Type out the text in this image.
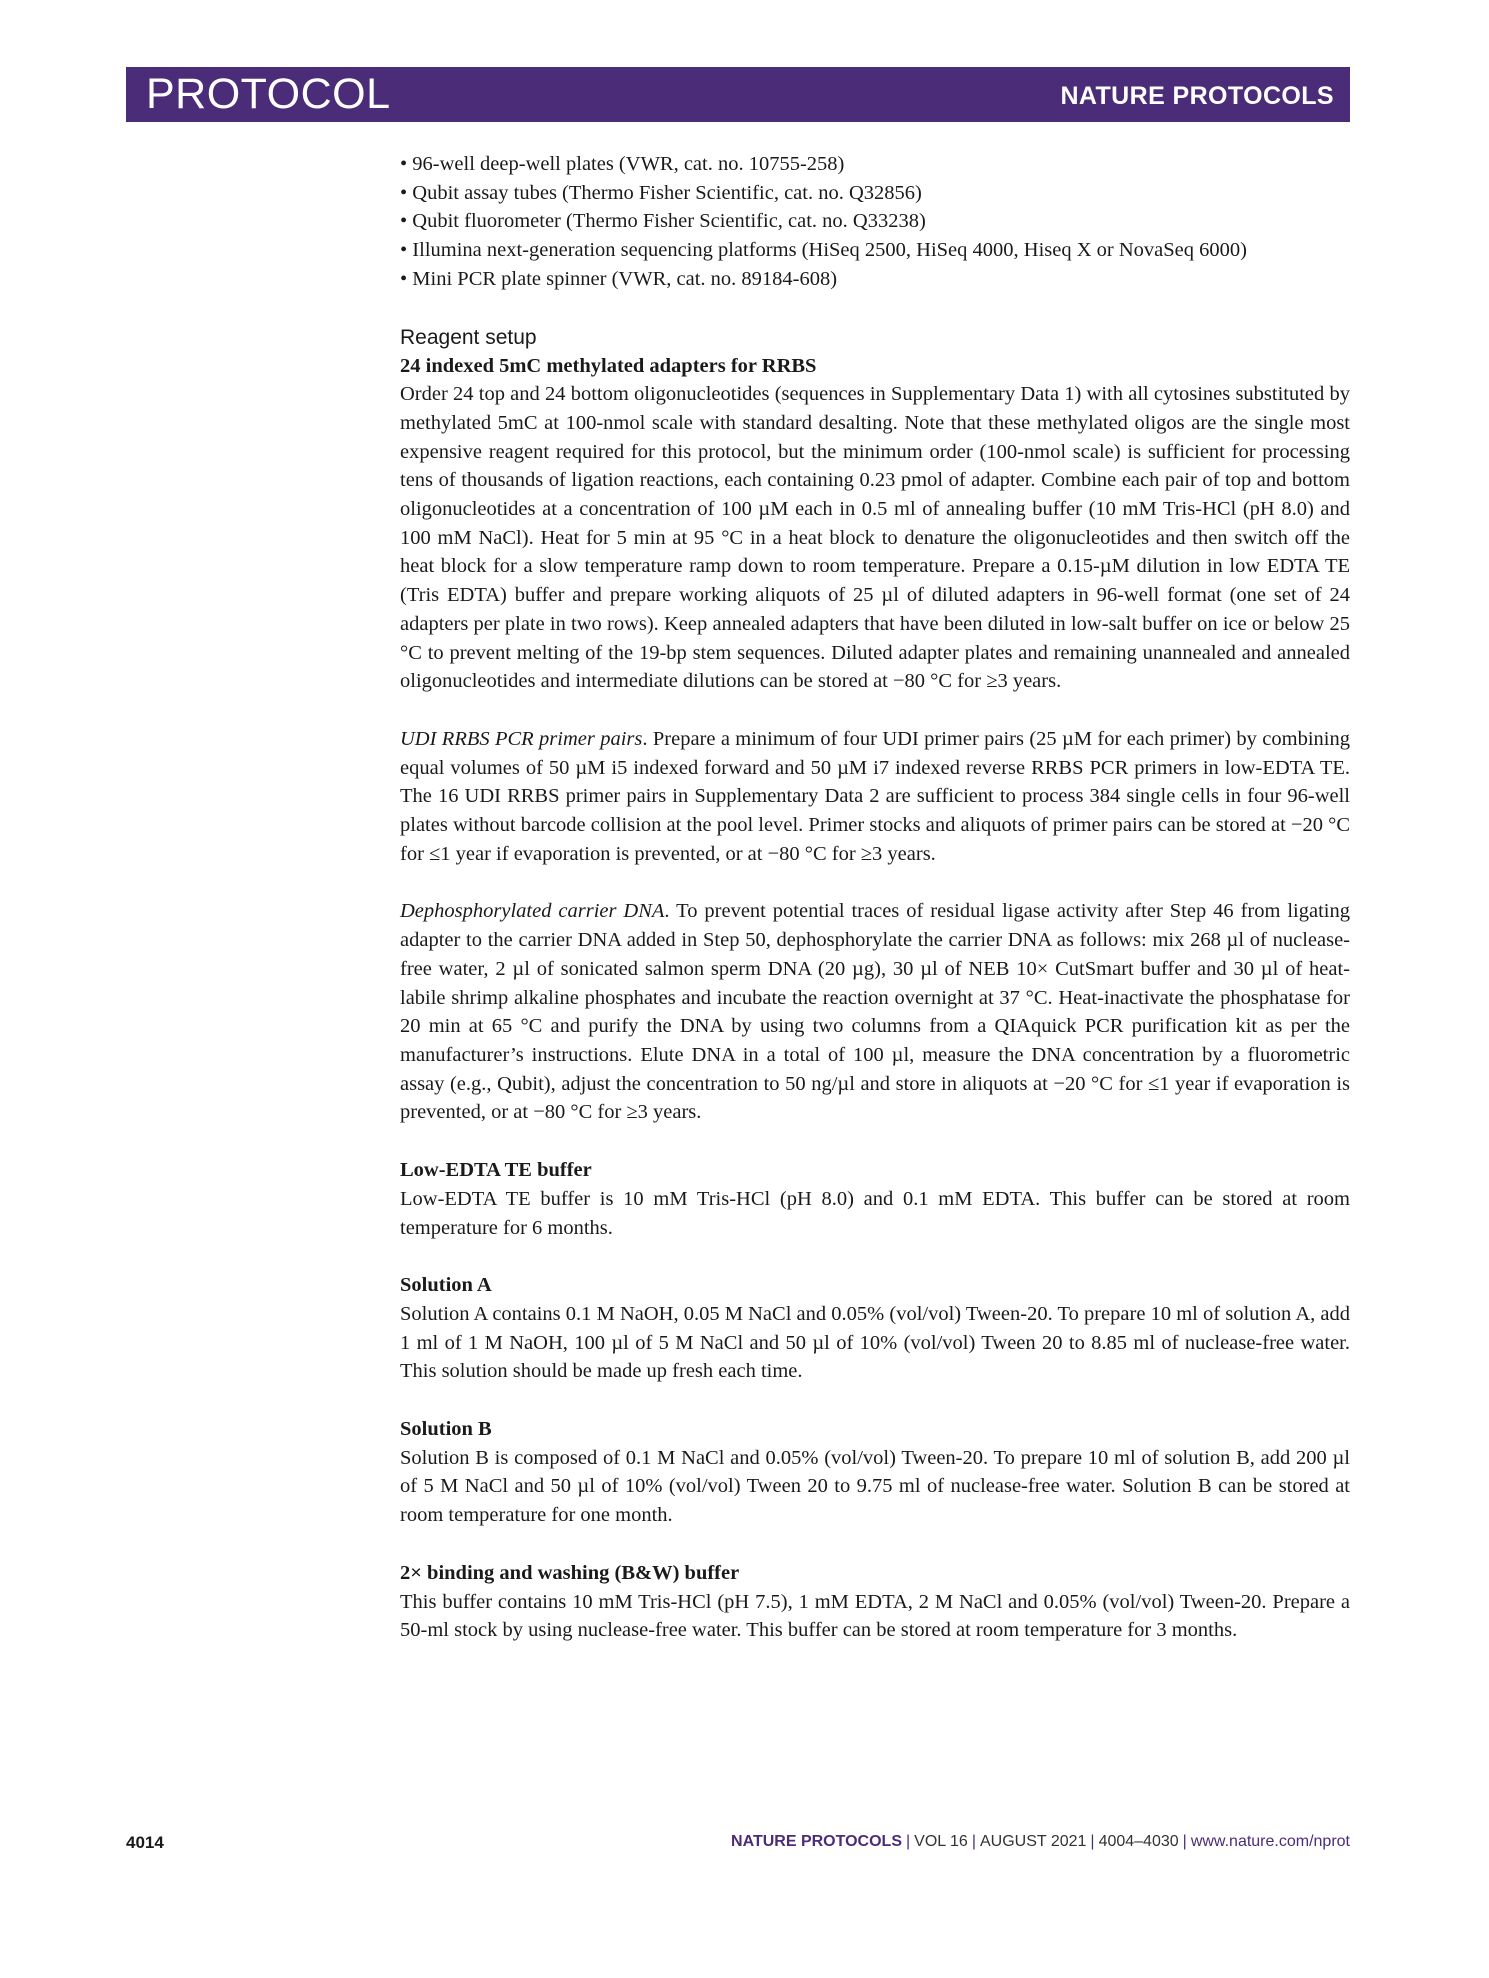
PROTOCOL	NATURE PROTOCOLS
• 96-well deep-well plates (VWR, cat. no. 10755-258)
• Qubit assay tubes (Thermo Fisher Scientific, cat. no. Q32856)
• Qubit fluorometer (Thermo Fisher Scientific, cat. no. Q33238)
• Illumina next-generation sequencing platforms (HiSeq 2500, HiSeq 4000, Hiseq X or NovaSeq 6000)
• Mini PCR plate spinner (VWR, cat. no. 89184-608)
Reagent setup
24 indexed 5mC methylated adapters for RRBS

Order 24 top and 24 bottom oligonucleotides (sequences in Supplementary Data 1) with all cytosines substituted by methylated 5mC at 100-nmol scale with standard desalting. Note that these methylated oligos are the single most expensive reagent required for this protocol, but the minimum order (100-nmol scale) is sufficient for processing tens of thousands of ligation reactions, each containing 0.23 pmol of adapter. Combine each pair of top and bottom oligonucleotides at a concentration of 100 µM each in 0.5 ml of annealing buffer (10 mM Tris-HCl (pH 8.0) and 100 mM NaCl). Heat for 5 min at 95 °C in a heat block to denature the oligonucleotides and then switch off the heat block for a slow temperature ramp down to room temperature. Prepare a 0.15-µM dilution in low EDTA TE (Tris EDTA) buffer and prepare working aliquots of 25 µl of diluted adapters in 96-well format (one set of 24 adapters per plate in two rows). Keep annealed adapters that have been diluted in low-salt buffer on ice or below 25 °C to prevent melting of the 19-bp stem sequences. Diluted adapter plates and remaining unannealed and annealed oligonucleotides and intermediate dilutions can be stored at −80 °C for ≥3 years.

UDI RRBS PCR primer pairs. Prepare a minimum of four UDI primer pairs (25 µM for each primer) by combining equal volumes of 50 µM i5 indexed forward and 50 µM i7 indexed reverse RRBS PCR primers in low-EDTA TE. The 16 UDI RRBS primer pairs in Supplementary Data 2 are sufficient to process 384 single cells in four 96-well plates without barcode collision at the pool level. Primer stocks and aliquots of primer pairs can be stored at −20 °C for ≤1 year if evaporation is prevented, or at −80 °C for ≥3 years.

Dephosphorylated carrier DNA. To prevent potential traces of residual ligase activity after Step 46 from ligating adapter to the carrier DNA added in Step 50, dephosphorylate the carrier DNA as follows: mix 268 µl of nuclease-free water, 2 µl of sonicated salmon sperm DNA (20 µg), 30 µl of NEB 10× CutSmart buffer and 30 µl of heat-labile shrimp alkaline phosphates and incubate the reaction overnight at 37 °C. Heat-inactivate the phosphatase for 20 min at 65 °C and purify the DNA by using two columns from a QIAquick PCR purification kit as per the manufacturer’s instructions. Elute DNA in a total of 100 µl, measure the DNA concentration by a fluorometric assay (e.g., Qubit), adjust the concentration to 50 ng/µl and store in aliquots at −20 °C for ≤1 year if evaporation is prevented, or at −80 °C for ≥3 years.

Low-EDTA TE buffer

Low-EDTA TE buffer is 10 mM Tris-HCl (pH 8.0) and 0.1 mM EDTA. This buffer can be stored at room temperature for 6 months.

Solution A

Solution A contains 0.1 M NaOH, 0.05 M NaCl and 0.05% (vol/vol) Tween-20. To prepare 10 ml of solution A, add 1 ml of 1 M NaOH, 100 µl of 5 M NaCl and 50 µl of 10% (vol/vol) Tween 20 to 8.85 ml of nuclease-free water. This solution should be made up fresh each time.

Solution B

Solution B is composed of 0.1 M NaCl and 0.05% (vol/vol) Tween-20. To prepare 10 ml of solution B, add 200 µl of 5 M NaCl and 50 µl of 10% (vol/vol) Tween 20 to 9.75 ml of nuclease-free water. Solution B can be stored at room temperature for one month.

2× binding and washing (B&W) buffer

This buffer contains 10 mM Tris-HCl (pH 7.5), 1 mM EDTA, 2 M NaCl and 0.05% (vol/vol) Tween-20. Prepare a 50-ml stock by using nuclease-free water. This buffer can be stored at room temperature for 3 months.

4014	NATURE PROTOCOLS | VOL 16 | AUGUST 2021 | 4004–4030 | www.nature.com/nprot
